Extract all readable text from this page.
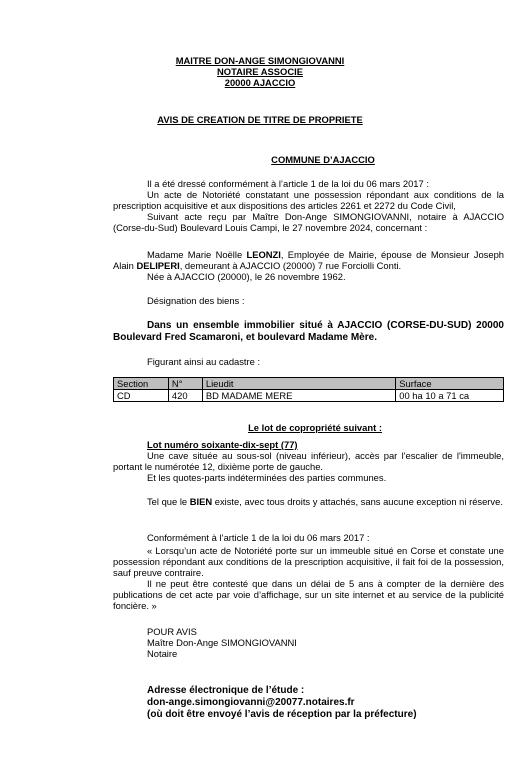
MAITRE DON-ANGE SIMONGIOVANNI
NOTAIRE ASSOCIE
20000 AJACCIO
AVIS DE CREATION DE TITRE DE PROPRIETE
COMMUNE D’AJACCIO
Il a été dressé conformément à l’article 1 de la loi du 06 mars 2017 :
Un acte de Notoriété constatant une possession répondant aux conditions de la prescription acquisitive et aux dispositions des articles 2261 et 2272 du Code Civil,
Suivant acte reçu par Maître Don-Ange SIMONGIOVANNI, notaire à AJACCIO (Corse-du-Sud) Boulevard Louis Campi, le 27 novembre 2024, concernant :
Madame Marie Noëlle LEONZI, Employée de Mairie, épouse de Monsieur Joseph Alain DELIPERI, demeurant à AJACCIO (20000) 7 rue Forciolli Conti.
Née à AJACCIO (20000), le 26 novembre 1962.
Désignation des biens :
Dans un ensemble immobilier situé à AJACCIO (CORSE-DU-SUD) 20000 Boulevard Fred Scamaroni, et boulevard Madame Mère.
Figurant ainsi au cadastre :
Section	N°	Lieudit	Surface
CD	420	BD MADAME MERE	00 ha 10 a 71 ca
Le lot de copropriété suivant :
Lot numéro soixante-dix-sept (77)
Une cave située au sous-sol (niveau inférieur), accès par l'escalier de l'immeuble, portant le numérotée 12, dixième porte de gauche.
Et les quotes-parts indéterminées des parties communes.
Tel que le BIEN existe, avec tous droits y attachés, sans aucune exception ni réserve.
Conformément à l’article 1 de la loi du 06 mars 2017 :
« Lorsqu’un acte de Notoriété porte sur un immeuble situé en Corse et constate une possession répondant aux conditions de la prescription acquisitive, il fait foi de la possession, sauf preuve contraire.
Il ne peut être contesté que dans un délai de 5 ans à compter de la dernière des publications de cet acte par voie d’affichage, sur un site internet et au service de la publicité foncière. »
POUR AVIS
Maître Don-Ange SIMONGIOVANNI
Notaire
Adresse électronique de l’étude :
don-ange.simongiovanni@20077.notaires.fr
(où doit être envoyé l’avis de réception par la préfecture)
